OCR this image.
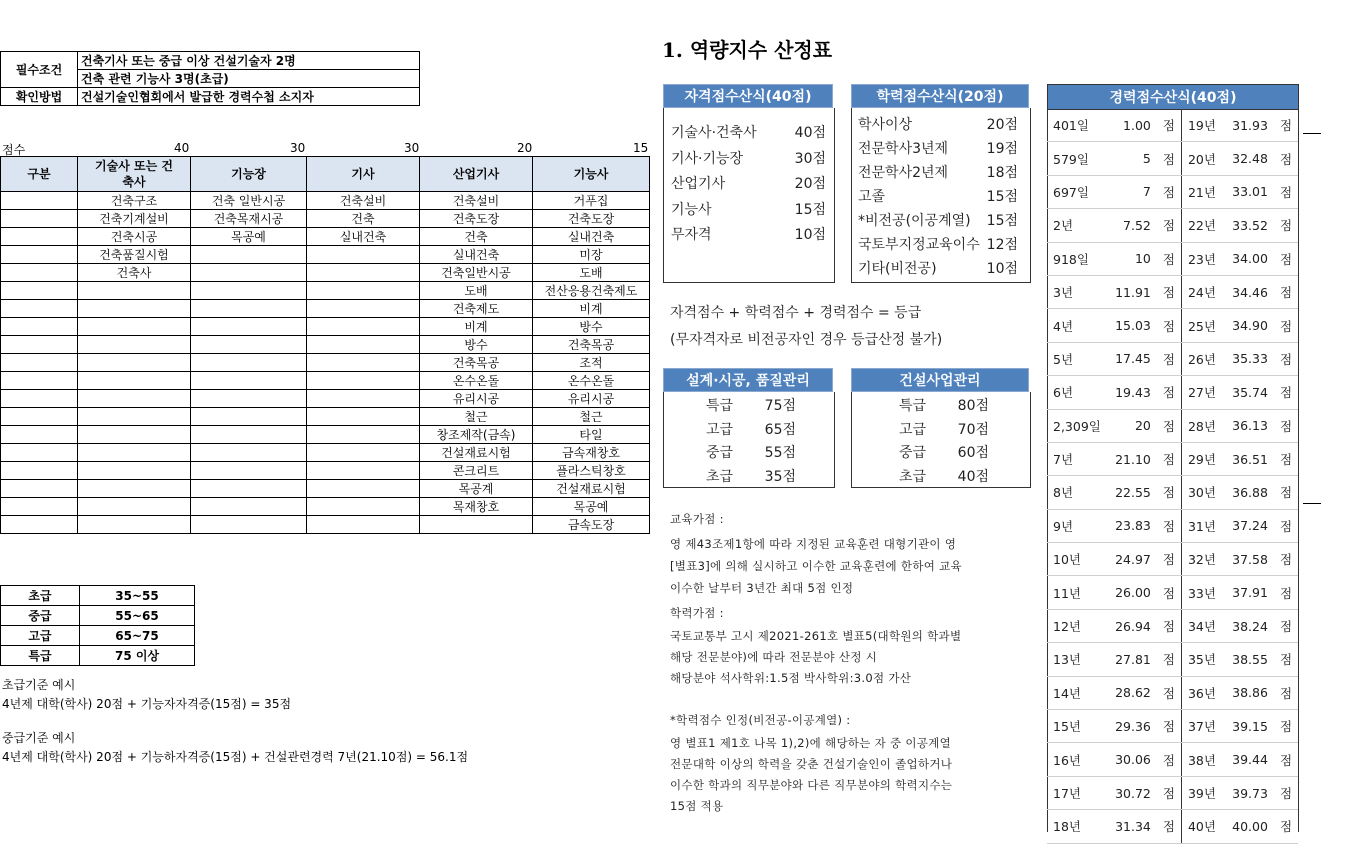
필수조건	건축기사 또는 중급 이상 건설기술자 2명
	건축 관련 기능사 3명(초급)
확인방법	건설기술인협회에서 발급한 경력수첩 소지자
점수	40	30	30	20	15
구분	기술사 또는 건축사	기능장	기사	산업기사	기능사
	건축구조	건축 일반시공	건축설비	건축설비	거푸집
	건축기계설비	건축목재시공	건축	건축도장	건축도장
	건축시공	목공예	실내건축	건축	실내건축
	건축품질시험			실내건축	미장
	건축사			건축일반시공	도배
				도배	전산응용건축제도
				건축제도	비계
				비계	방수
				방수	건축목공
				건축목공	조적
				온수온돌	온수온돌
				유리시공	유리시공
				철근	철근
				창조제작(금속)	타일
				건설재료시험	금속재창호
				콘크리트	플라스틱창호
				목공계	건설재료시험
				목재창호	목공예
					금속도장
초급	35~55
중급	55~65
고급	65~75
특급	75 이상
초급기준 예시
4년제 대학(학사) 20점 + 기능자자격증(15점) = 35점
중급기준 예시
4년제 대학(학사) 20점 + 기능하자격증(15점) + 건설관련경력 7년(21.10점) = 56.1점
1. 역량지수 산정표
자격점수산식(40점)
기술사·건축사	40점
기사·기능장	30점
산업기사	20점
기능사	15점
무자격	10점
학력점수산식(20점)
학사이상	20점
전문학사3년제	19점
전문학사2년제	18점
고졸	15점
*비전공(이공계열) 15점
국토부지정교육이수 12점
기타(비전공)	10점
자격점수 + 학력점수 + 경력점수 = 등급
(무자격자로 비전공자인 경우 등급산정 불가)
설계·시공, 품질관리
특급 75점
고급 65점
중급 55점
초급 35점
건설사업관리
특급 80점
고급 70점
중급 60점
초급 40점
교육가점 :
영 제43조제1항에 따라 지정된 교육훈련 대형기관이 영
[별표3]에 의해 실시하고 이수한 교육훈련에 한하여 교육
이수한 날부터 3년간 최대 5점 인정
학력가점 :
국토교통부 고시 제2021-261호 별표5(대학원의 학과별
해당 전문분야)에 따라 전문분야 산정 시
해당분야 석사학위:1.5점 박사학위:3.0점 가산
*학력점수 인정(비전공-이공계열) :
영 별표1 제1호 나목 1),2)에 해당하는 자 중 이공계열
전문대학 이상의 학력을 갖춘 건설기술인이 졸업하거나
이수한 학과의 직무분야와 다른 직무분야의 학력지수는
15점 적용
경력점수산식(40점)
401일	1.00	점	19년	31.93	점
579일	5	점	20년	32.48	점
697일	7	점	21년	33.01	점
2년	7.52	점	22년	33.52	점
918일	10	점	23년	34.00	점
3년	11.91	점	24년	34.46	점
4년	15.03	점	25년	34.90	점
5년	17.45	점	26년	35.33	점
6년	19.43	점	27년	35.74	점
2,309일	20	점	28년	36.13	점
7년	21.10	점	29년	36.51	점
8년	22.55	점	30년	36.88	점
9년	23.83	점	31년	37.24	점
10년	24.97	점	32년	37.58	점
11년	26.00	점	33년	37.91	점
12년	26.94	점	34년	38.24	점
13년	27.81	점	35년	38.55	점
14년	28.62	점	36년	38.86	점
15년	29.36	점	37년	39.15	점
16년	30.06	점	38년	39.44	점
17년	30.72	점	39년	39.73	점
18년	31.34	점	40년	40.00	점
